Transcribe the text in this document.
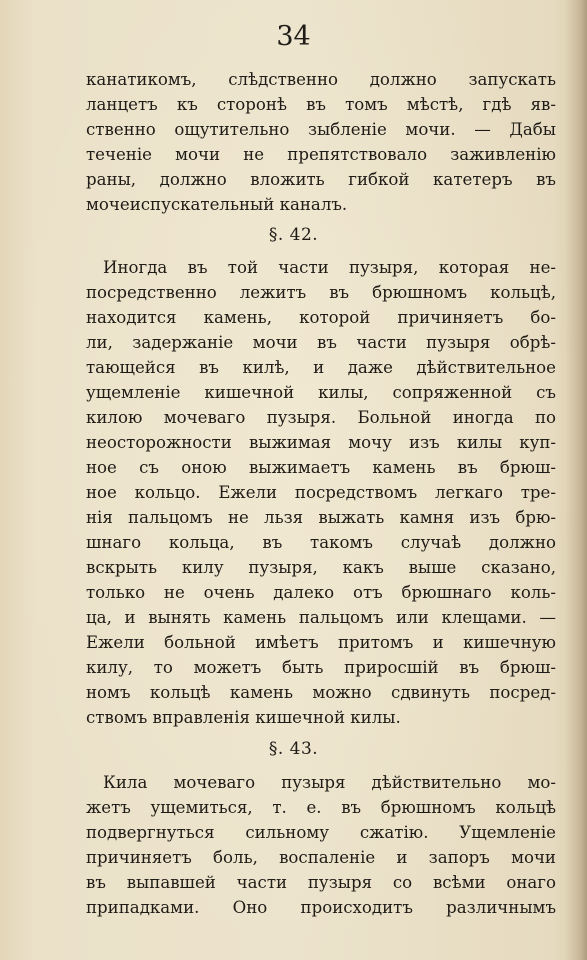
34
канатикомъ, слѣдственно должно запускать
ланцетъ къ сторонѣ въ томъ мѣстѣ, гдѣ яв-
ственно ощутительно зыбленіе мочи. — Дабы
теченіе мочи не препятствовало заживленію
раны, должно вложить гибкой катетеръ въ
мочеиспускательный каналъ.
§. 42.
Иногда въ той части пузыря, которая не-
посредственно лежитъ въ брюшномъ кольцѣ,
находится камень, которой причиняетъ бо-
ли, задержаніе мочи въ части пузыря обрѣ-
тающейся въ килѣ, и даже дѣйствительное
ущемленіе кишечной килы, сопряженной съ
килою мочеваго пузыря. Больной иногда по
неосторожности выжимая мочу изъ килы куп-
ное съ оною выжимаетъ камень въ брюш-
ное кольцо. Ежели посредствомъ легкаго тре-
нія пальцомъ не льзя выжать камня изъ брю-
шнаго кольца, въ такомъ случаѣ должно
вскрыть килу пузыря, какъ выше сказано,
только не очень далеко отъ брюшнаго коль-
ца, и вынять камень пальцомъ или клещами. —
Ежели больной имѣетъ притомъ и кишечную
килу, то можетъ быть приросшій въ брюш-
номъ кольцѣ камень можно сдвинуть посред-
ствомъ вправленія кишечной килы.
§. 43.
Кила мочеваго пузыря дѣйствительно мо-
жетъ ущемиться, т. е. въ брюшномъ кольцѣ
подвергнуться сильному сжатію. Ущемленіе
причиняетъ боль, воспаленіе и запоръ мочи
въ выпавшей части пузыря со всѣми онаго
припадками. Оно происходитъ различнымъ
